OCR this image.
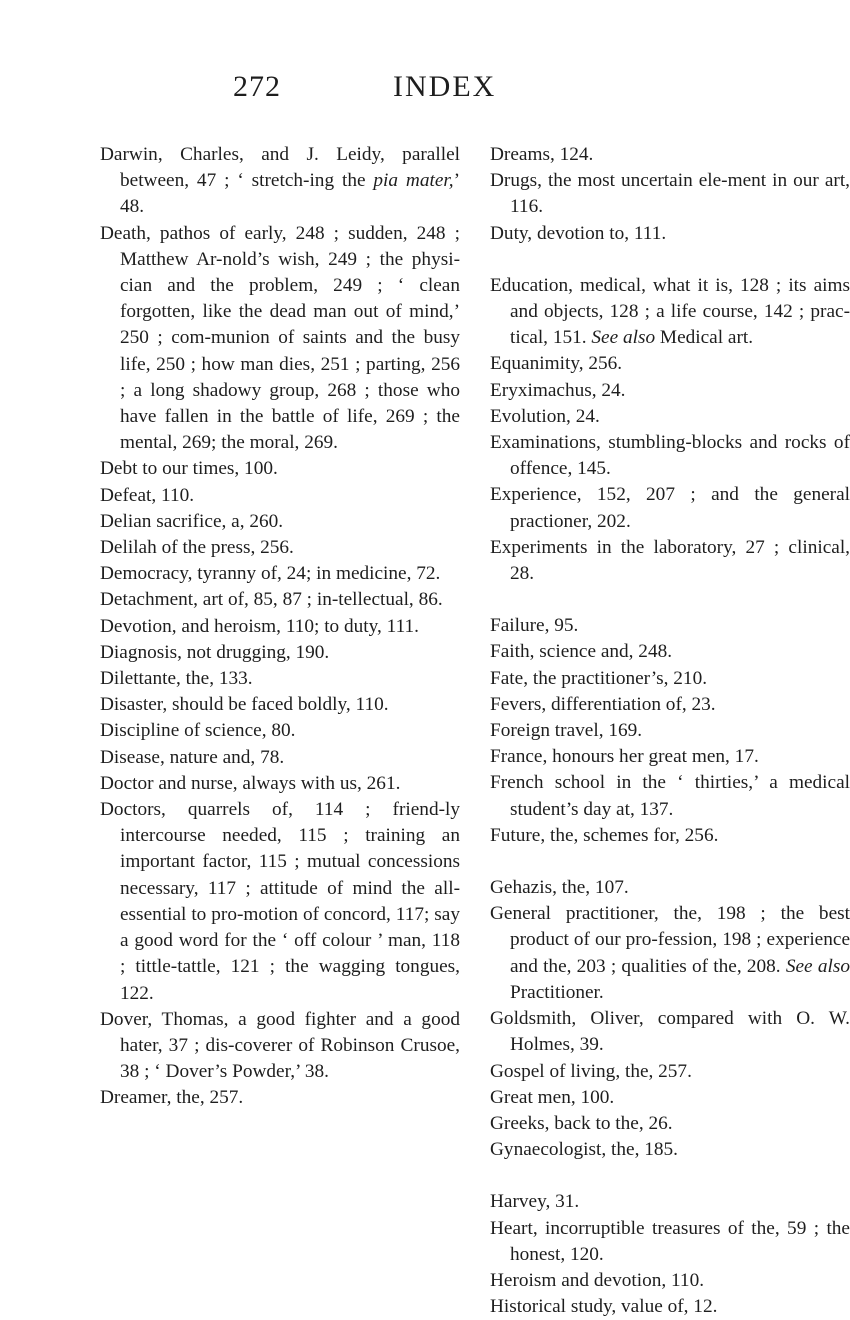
272	INDEX

Darwin, Charles, and J. Leidy, parallel between, 47 ; ‘ stretch-ing the pia mater,’ 48.

Death, pathos of early, 248 ; sudden, 248 ; Matthew Ar-nold’s wish, 249 ; the physi-cian and the problem, 249 ; ‘ clean forgotten, like the dead man out of mind,’ 250 ; com-munion of saints and the busy life, 250 ; how man dies, 251 ; parting, 256 ; a long shadowy group, 268 ; those who have fallen in the battle of life, 269 ; the mental, 269; the moral, 269.

Debt to our times, 100.

Defeat, 110.

Delian sacrifice, a, 260.

Delilah of the press, 256.

Democracy, tyranny of, 24; in medicine, 72.

Detachment, art of, 85, 87 ; in-tellectual, 86.

Devotion, and heroism, 110; to duty, 111.

Diagnosis, not drugging, 190.

Dilettante, the, 133.

Disaster, should be faced boldly, 110.

Discipline of science, 80.

Disease, nature and, 78.

Doctor and nurse, always with us, 261.

Doctors, quarrels of, 114 ; friend-ly intercourse needed, 115 ; training an important factor, 115 ; mutual concessions necessary, 117 ; attitude of mind the all-essential to pro-motion of concord, 117; say a good word for the ‘ off colour ’ man, 118 ; tittle-tattle, 121 ; the wagging tongues, 122.

Dover, Thomas, a good fighter and a good hater, 37 ; dis-coverer of Robinson Crusoe, 38 ; ‘ Dover’s Powder,’ 38.

Dreamer, the, 257.

Dreams, 124.

Drugs, the most uncertain ele-ment in our art, 116.

Duty, devotion to, 111.

Education, medical, what it is, 128 ; its aims and objects, 128 ; a life course, 142 ; prac-tical, 151. See also Medical art.

Equanimity, 256.

Eryximachus, 24.

Evolution, 24.

Examinations, stumbling-blocks and rocks of offence, 145.

Experience, 152, 207 ; and the general practioner, 202.

Experiments in the laboratory, 27 ; clinical, 28.

Failure, 95.

Faith, science and, 248.

Fate, the practitioner’s, 210.

Fevers, differentiation of, 23.

Foreign travel, 169.

France, honours her great men, 17.

French school in the ‘ thirties,’ a medical student’s day at, 137.

Future, the, schemes for, 256.

Gehazis, the, 107.

General practitioner, the, 198 ; the best product of our pro-fession, 198 ; experience and the, 203 ; qualities of the, 208. See also Practitioner.

Goldsmith, Oliver, compared with O. W. Holmes, 39.

Gospel of living, the, 257.

Great men, 100.

Greeks, back to the, 26.

Gynaecologist, the, 185.

Harvey, 31.

Heart, incorruptible treasures of the, 59 ; the honest, 120.

Heroism and devotion, 110.

Historical study, value of, 12.
